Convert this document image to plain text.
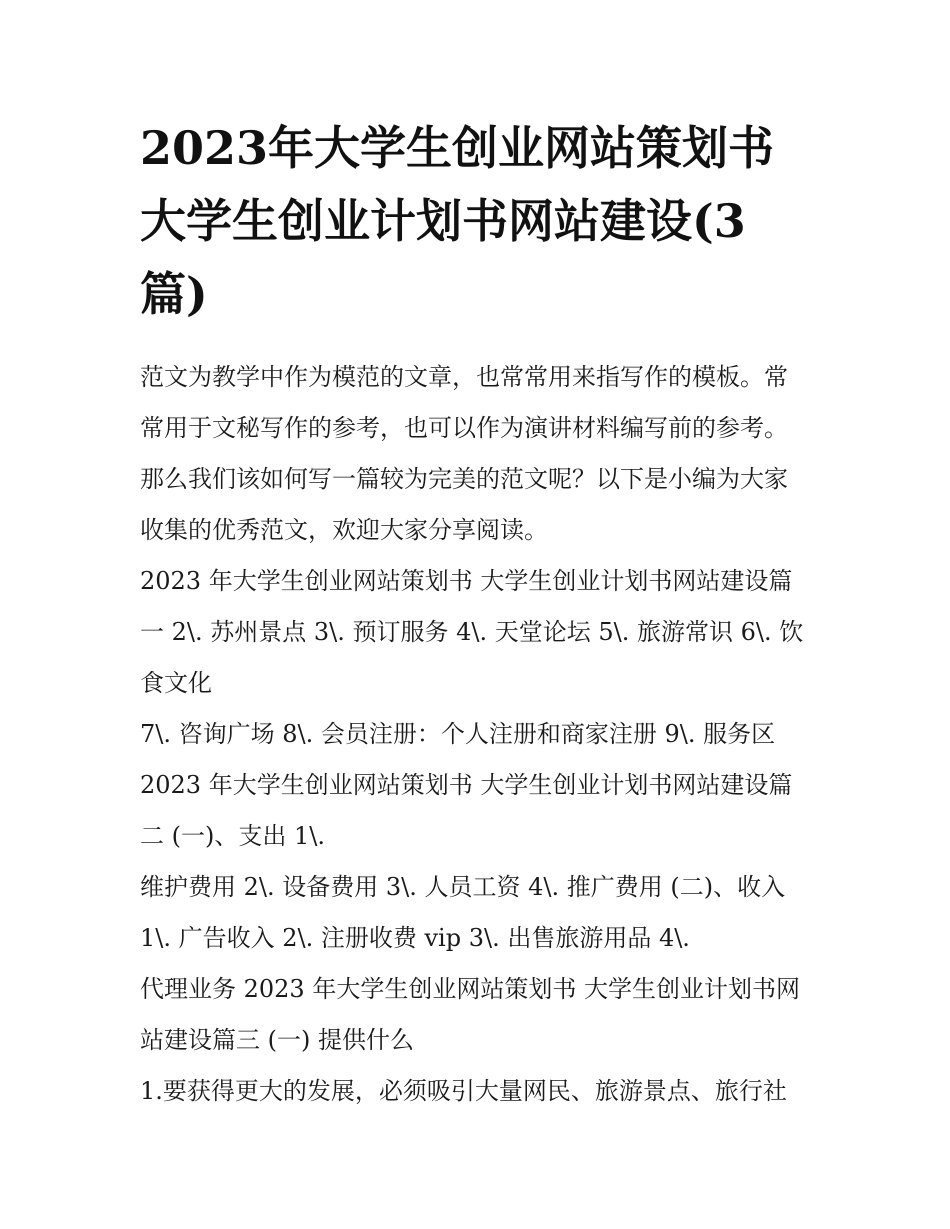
2023年大学生创业网站策划书
大学生创业计划书网站建设(3
篇)
范文为教学中作为模范的文章，也常常用来指写作的模板。常
常用于文秘写作的参考，也可以作为演讲材料编写前的参考。
那么我们该如何写一篇较为完美的范文呢？以下是小编为大家
收集的优秀范文，欢迎大家分享阅读。
2023 年大学生创业网站策划书 大学生创业计划书网站建设篇
一 2\. 苏州景点 3\. 预订服务 4\. 天堂论坛 5\. 旅游常识 6\. 饮
食文化
7\. 咨询广场 8\. 会员注册：个人注册和商家注册 9\. 服务区
2023 年大学生创业网站策划书 大学生创业计划书网站建设篇
二 (一)、支出 1\.
维护费用 2\. 设备费用 3\. 人员工资 4\. 推广费用 (二)、收入
1\. 广告收入 2\. 注册收费 vip 3\. 出售旅游用品 4\.
代理业务 2023 年大学生创业网站策划书 大学生创业计划书网
站建设篇三 (一) 提供什么
1.要获得更大的发展，必须吸引大量网民、旅游景点、旅行社
